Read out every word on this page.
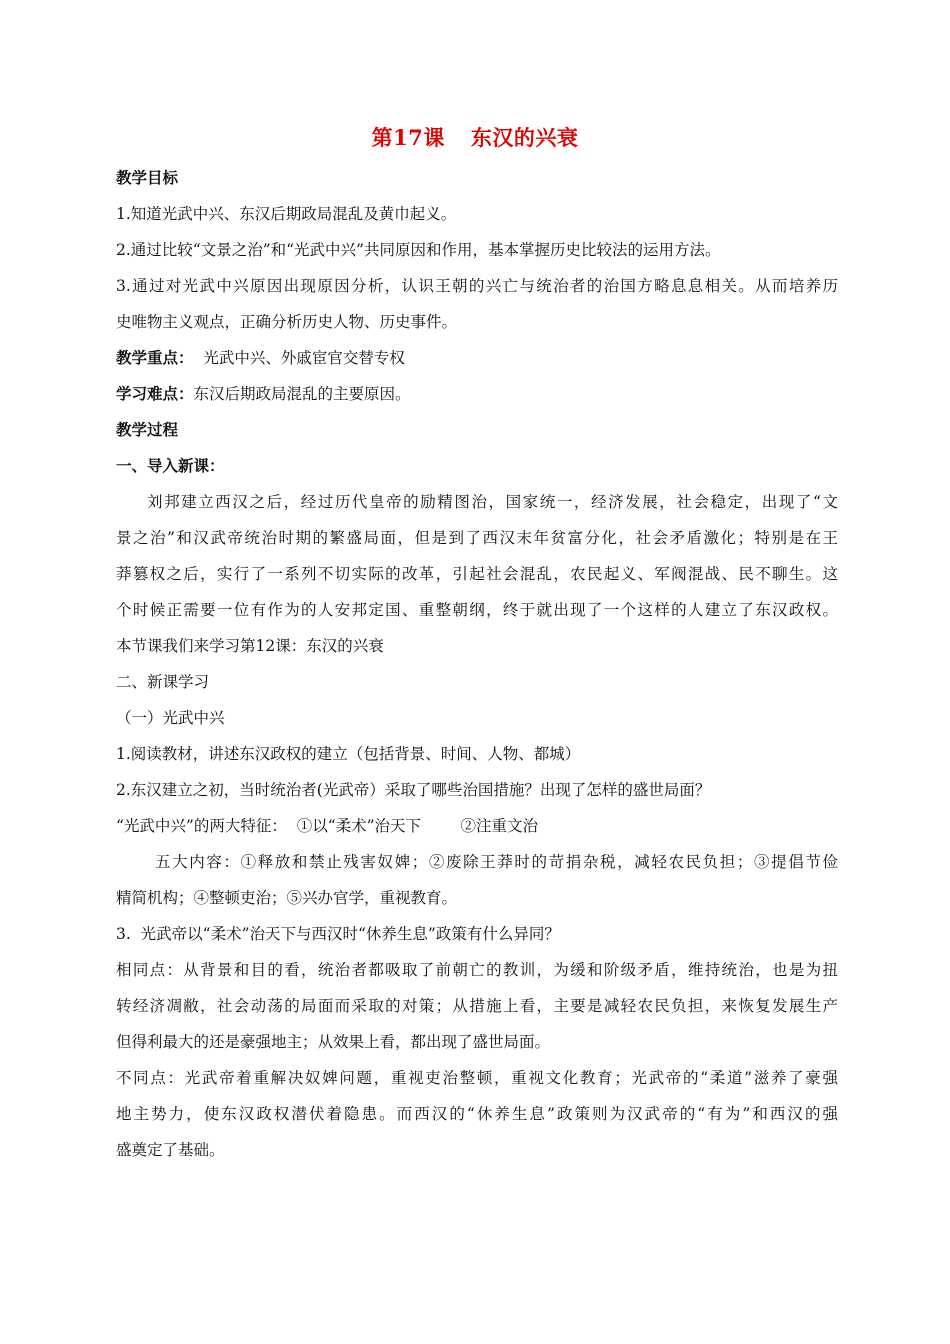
第17课 东汉的兴衰
教学目标
1.知道光武中兴、东汉后期政局混乱及黄巾起义。
2.通过比较“文景之治”和“光武中兴”共同原因和作用，基本掌握历史比较法的运用方法。
3.通过对光武中兴原因出现原因分析，认识王朝的兴亡与统治者的治国方略息息相关。从而培养历
史唯物主义观点，正确分析历史人物、历史事件。
教学重点： 光武中兴、外戚宦官交替专权
学习难点：东汉后期政局混乱的主要原因。
教学过程
一、导入新课：
刘邦建立西汉之后，经过历代皇帝的励精图治，国家统一，经济发展，社会稳定，出现了“文
景之治”和汉武帝统治时期的繁盛局面，但是到了西汉末年贫富分化，社会矛盾激化；特别是在王
莽篡权之后，实行了一系列不切实际的改革，引起社会混乱，农民起义、军阀混战、民不聊生。这
个时候正需要一位有作为的人安邦定国、重整朝纲，终于就出现了一个这样的人建立了东汉政权。
本节课我们来学习第12课：东汉的兴衰
二、新课学习
（一）光武中兴
1.阅读教材，讲述东汉政权的建立（包括背景、时间、人物、都城）
2.东汉建立之初，当时统治者(光武帝）采取了哪些治国措施？出现了怎样的盛世局面？
“光武中兴”的两大特征：  ①以“柔术”治天下        ②注重文治
五大内容：①释放和禁止残害奴婢；②废除王莽时的苛捐杂税，减轻农民负担；③提倡节俭
精简机构；④整顿吏治；⑤兴办官学，重视教育。
3.  光武帝以“柔术”治天下与西汉时“休养生息”政策有什么异同？
相同点：从背景和目的看，统治者都吸取了前朝亡的教训，为缓和阶级矛盾，维持统治，也是为扭
转经济凋敝，社会动荡的局面而采取的对策；从措施上看，主要是减轻农民负担，来恢复发展生产
但得利最大的还是豪强地主；从效果上看，都出现了盛世局面。
不同点：光武帝着重解决奴婢问题，重视吏治整顿，重视文化教育；光武帝的“柔道”滋养了豪强
地主势力，使东汉政权潜伏着隐患。而西汉的“休养生息”政策则为汉武帝的“有为”和西汉的强
盛奠定了基础。
